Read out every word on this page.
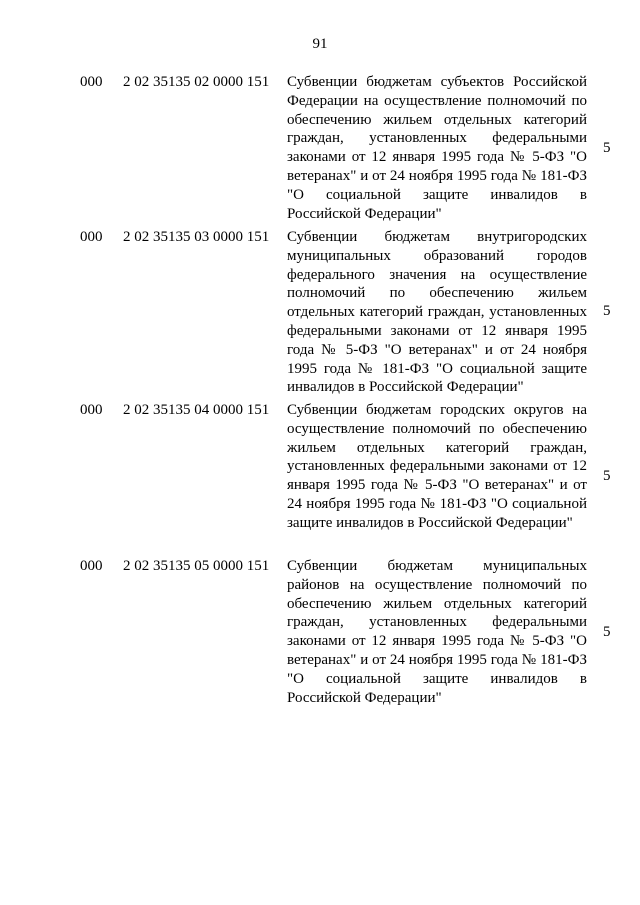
91
000 2 02 35135 02 0000 151 Субвенции бюджетам субъектов Российской Федерации на осуществление полномочий по обеспечению жильем отдельных категорий граждан, установленных федеральными законами от 12 января 1995 года № 5-ФЗ "О ветеранах" и от 24 ноября 1995 года № 181-ФЗ "О социальной защите инвалидов в Российской Федерации"
5
000 2 02 35135 03 0000 151 Субвенции бюджетам внутригородских муниципальных образований городов федерального значения на осуществление полномочий по обеспечению жильем отдельных категорий граждан, установленных федеральными законами от 12 января 1995 года № 5-ФЗ "О ветеранах" и от 24 ноября 1995 года № 181-ФЗ "О социальной защите инвалидов в Российской Федерации"
5
000 2 02 35135 04 0000 151 Субвенции бюджетам городских округов на осуществление полномочий по обеспечению жильем отдельных категорий граждан, установленных федеральными законами от 12 января 1995 года № 5-ФЗ "О ветеранах" и от 24 ноября 1995 года № 181-ФЗ "О социальной защите инвалидов в Российской Федерации"
5
000 2 02 35135 05 0000 151 Субвенции бюджетам муниципальных районов на осуществление полномочий по обеспечению жильем отдельных категорий граждан, установленных федеральными законами от 12 января 1995 года № 5-ФЗ "О ветеранах" и от 24 ноября 1995 года № 181-ФЗ "О социальной защите инвалидов в Российской Федерации"
5
